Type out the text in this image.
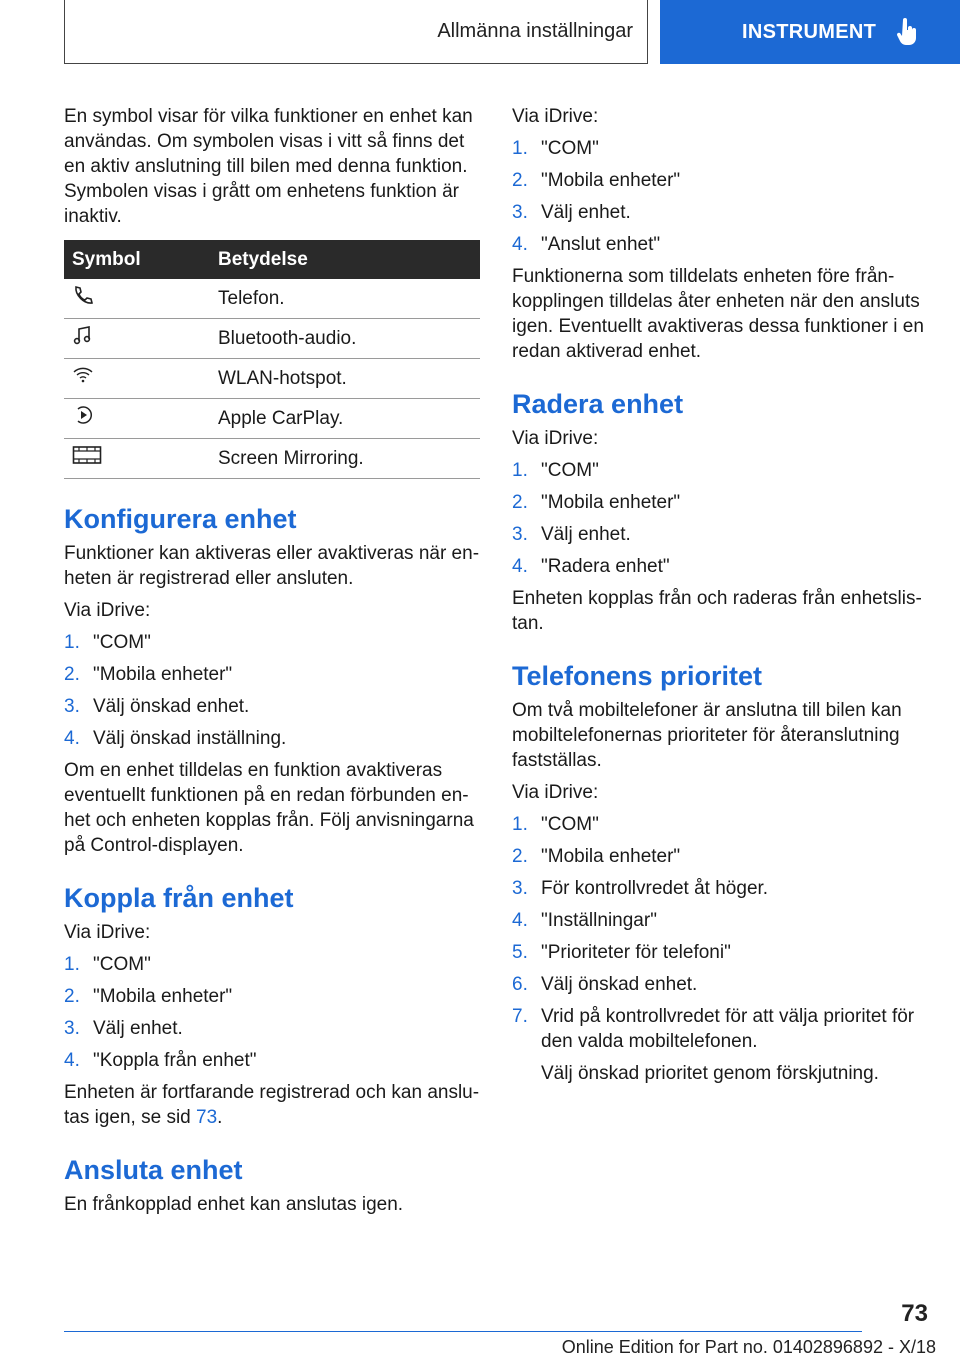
Allmänna inställningar	INSTRUMENT

En symbol visar för vilka funktioner en enhet kan användas. Om symbolen visas i vitt så finns det en aktiv anslutning till bilen med denna funktion. Symbolen visas i grått om enhetens funktion är inaktiv.

Symbol	Betydelse
	Telefon.
	Bluetooth-audio.
	WLAN-hotspot.
	Apple CarPlay.
	Screen Mirroring.
Konfigurera enhet

Funktioner kan aktiveras eller avaktiveras när enheten är registrerad eller ansluten.

Via iDrive:

1. "COM"
2. "Mobila enheter"
3. Välj önskad enhet.
4. Välj önskad inställning.

Om en enhet tilldelas en funktion avaktiveras eventuellt funktionen på en redan förbunden enhet och enheten kopplas från. Följ anvisningarna på Control-displayen.

Koppla från enhet

Via iDrive:

1. "COM"
2. "Mobila enheter"
3. Välj enhet.
4. "Koppla från enhet"

Enheten är fortfarande registrerad och kan anslutas igen, se sid 73.

Ansluta enhet

En frånkopplad enhet kan anslutas igen.

Via iDrive:

1. "COM"
2. "Mobila enheter"
3. Välj enhet.
4. "Anslut enhet"

Funktionerna som tilldelats enheten före frånkopplingen tilldelas åter enheten när den ansluts igen. Eventuellt avaktiveras dessa funktioner i en redan aktiverad enhet.

Radera enhet

Via iDrive:

1. "COM"
2. "Mobila enheter"
3. Välj enhet.
4. "Radera enhet"

Enheten kopplas från och raderas från enhetslistan.

Telefonens prioritet

Om två mobiltelefoner är anslutna till bilen kan mobiltelefonernas prioriteter för återanslutning fastställas.

Via iDrive:

1. "COM"
2. "Mobila enheter"
3. För kontrollvredet åt höger.
4. "Inställningar"
5. "Prioriteter för telefoni"
6. Välj önskad enhet.
7. Vrid på kontrollvredet för att välja prioritet för den valda mobiltelefonen.
Välj önskad prioritet genom förskjutning.
73
Online Edition for Part no. 01402896892 - X/18
